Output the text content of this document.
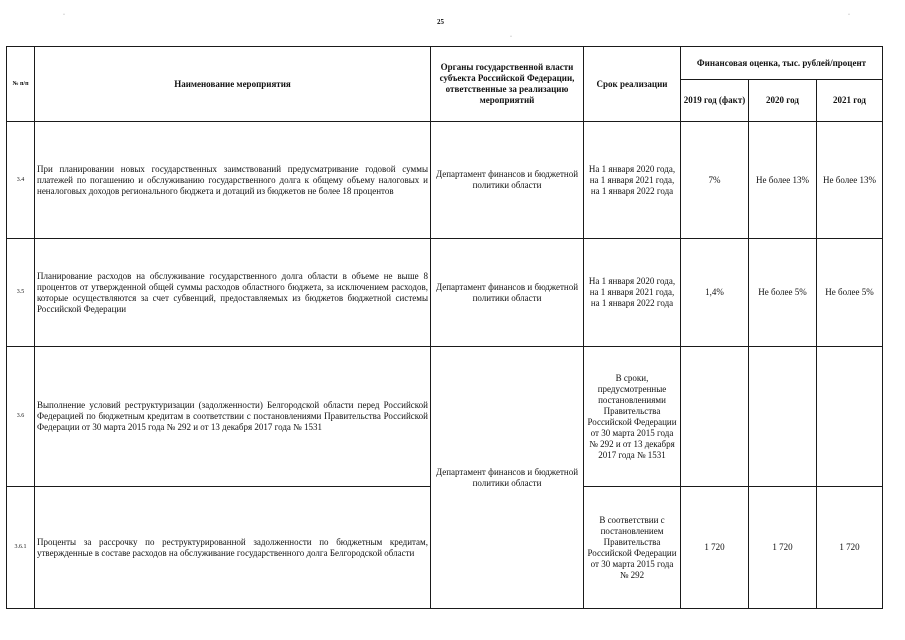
25
№ п/п	Наименование мероприятия	Органы государственной власти субъекта Российской Федерации, ответственные за реализацию мероприятий	Срок реализации	Финансовая оценка, тыс. рублей/процент		
				2019 год (факт)	2020 год	2021 год
3.4	При планировании новых государственных заимствований предусматривание годовой суммы платежей по погашению и обслуживанию государственного долга к общему объему налоговых и неналоговых доходов регионального бюджета и дотаций из бюджетов не более 18 процентов	Департамент финансов и бюджетной политики области	На 1 января 2020 года, на 1 января 2021 года, на 1 января 2022 года	7%	Не более 13%	Не более 13%
3.5	Планирование расходов на обслуживание государственного долга области в объеме не выше 8 процентов от утвержденной общей суммы расходов областного бюджета, за исключением расходов, которые осуществляются за счет субвенций, предоставляемых из бюджетов бюджетной системы Российской Федерации	Департамент финансов и бюджетной политики области	На 1 января 2020 года, на 1 января 2021 года, на 1 января 2022 года	1,4%	Не более 5%	Не более 5%
3.6	Выполнение условий реструктуризации (задолженности) Белгородской области перед Российской Федерацией по бюджетным кредитам в соответствии с постановлениями Правительства Российской Федерации от 30 марта 2015 года № 292 и от 13 декабря 2017 года № 1531	Департамент финансов и бюджетной политики области	В сроки, предусмотренные постановлениями Правительства Российской Федерации от 30 марта 2015 года № 292 и от 13 декабря 2017 года № 1531			
3.6.1	Проценты за рассрочку по реструктурированной задолженности по бюджетным кредитам, утвержденные в составе расходов на обслуживание государственного долга Белгородской области		В соответствии с постановлением Правительства Российской Федерации от 30 марта 2015 года № 292	1 720	1 720	1 720
·	·
·
